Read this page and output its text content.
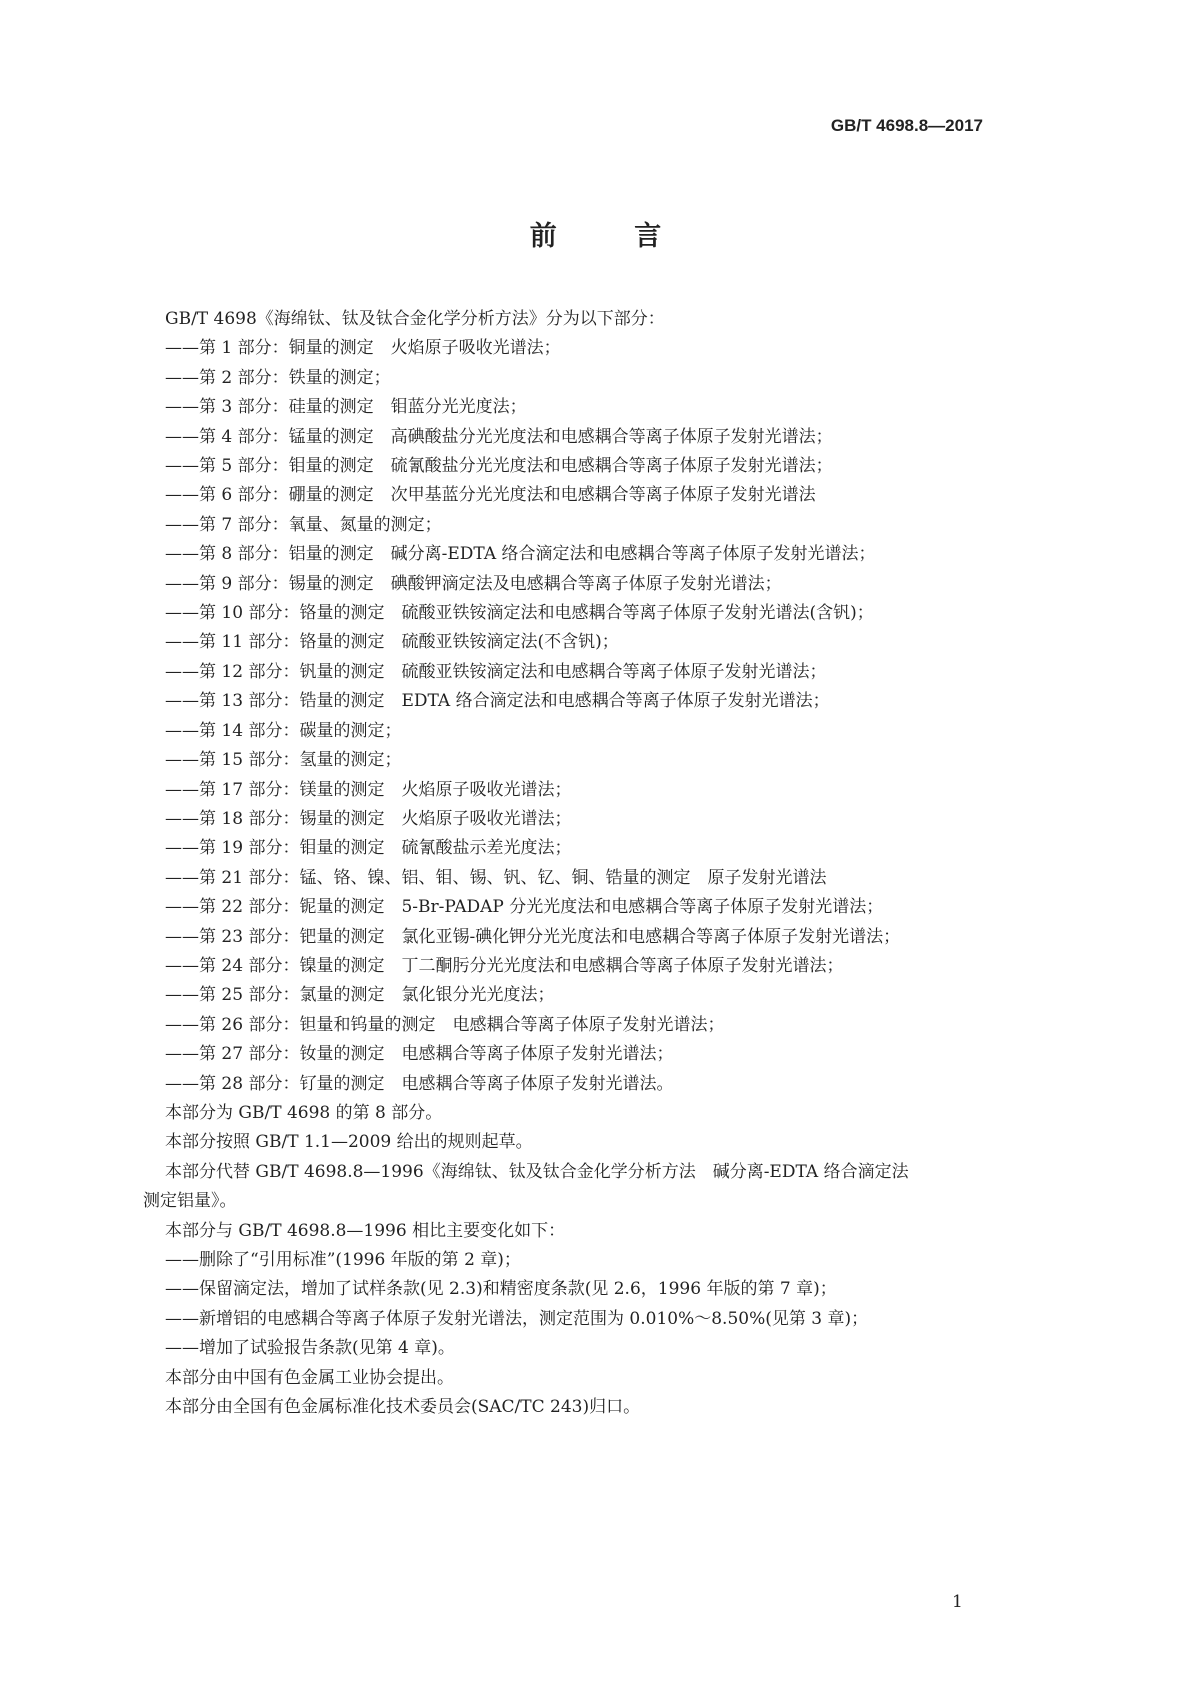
GB/T 4698.8—2017
前 言
GB/T 4698《海绵钛、钛及钛合金化学分析方法》分为以下部分：
——第 1 部分：铜量的测定　火焰原子吸收光谱法；
——第 2 部分：铁量的测定；
——第 3 部分：硅量的测定　钼蓝分光光度法；
——第 4 部分：锰量的测定　高碘酸盐分光光度法和电感耦合等离子体原子发射光谱法；
——第 5 部分：钼量的测定　硫氰酸盐分光光度法和电感耦合等离子体原子发射光谱法；
——第 6 部分：硼量的测定　次甲基蓝分光光度法和电感耦合等离子体原子发射光谱法
——第 7 部分：氧量、氮量的测定；
——第 8 部分：铝量的测定　碱分离-EDTA 络合滴定法和电感耦合等离子体原子发射光谱法；
——第 9 部分：锡量的测定　碘酸钾滴定法及电感耦合等离子体原子发射光谱法；
——第 10 部分：铬量的测定　硫酸亚铁铵滴定法和电感耦合等离子体原子发射光谱法(含钒)；
——第 11 部分：铬量的测定　硫酸亚铁铵滴定法(不含钒)；
——第 12 部分：钒量的测定　硫酸亚铁铵滴定法和电感耦合等离子体原子发射光谱法；
——第 13 部分：锆量的测定　EDTA 络合滴定法和电感耦合等离子体原子发射光谱法；
——第 14 部分：碳量的测定；
——第 15 部分：氢量的测定；
——第 17 部分：镁量的测定　火焰原子吸收光谱法；
——第 18 部分：锡量的测定　火焰原子吸收光谱法；
——第 19 部分：钼量的测定　硫氰酸盐示差光度法；
——第 21 部分：锰、铬、镍、铝、钼、锡、钒、钇、铜、锆量的测定　原子发射光谱法
——第 22 部分：铌量的测定　5-Br-PADAP 分光光度法和电感耦合等离子体原子发射光谱法；
——第 23 部分：钯量的测定　氯化亚锡-碘化钾分光光度法和电感耦合等离子体原子发射光谱法；
——第 24 部分：镍量的测定　丁二酮肟分光光度法和电感耦合等离子体原子发射光谱法；
——第 25 部分：氯量的测定　氯化银分光光度法；
——第 26 部分：钽量和钨量的测定　电感耦合等离子体原子发射光谱法；
——第 27 部分：钕量的测定　电感耦合等离子体原子发射光谱法；
——第 28 部分：钌量的测定　电感耦合等离子体原子发射光谱法。
本部分为 GB/T 4698 的第 8 部分。
本部分按照 GB/T 1.1—2009 给出的规则起草。
本部分代替 GB/T 4698.8—1996《海绵钛、钛及钛合金化学分析方法　碱分离-EDTA 络合滴定法
测定铝量》。
本部分与 GB/T 4698.8—1996 相比主要变化如下：
——删除了“引用标准”(1996 年版的第 2 章)；
——保留滴定法，增加了试样条款(见 2.3)和精密度条款(见 2.6，1996 年版的第 7 章)；
——新增铝的电感耦合等离子体原子发射光谱法，测定范围为 0.010%～8.50%(见第 3 章)；
——增加了试验报告条款(见第 4 章)。
本部分由中国有色金属工业协会提出。
本部分由全国有色金属标准化技术委员会(SAC/TC 243)归口。
1
